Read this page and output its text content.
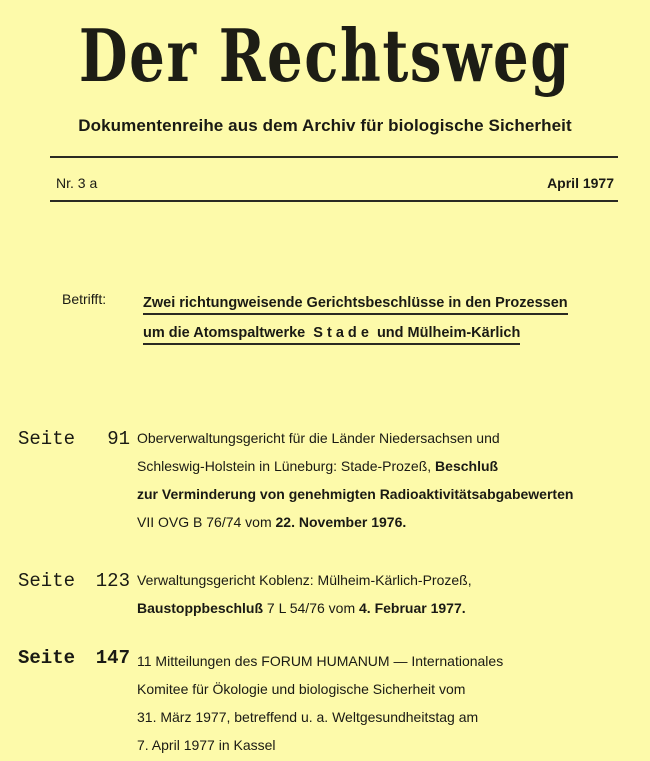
Der Rechtsweg
Dokumentenreihe aus dem Archiv für biologische Sicherheit
Nr. 3 a	April 1977
Betrifft:	Zwei richtungweisende Gerichtsbeschlüsse in den Prozessen
um die Atomspaltwerke  S t a d e  und Mülheim-Kärlich
Seite 91 Oberverwaltungsgericht für die Länder Niedersachsen und
Schleswig-Holstein in Lüneburg: Stade-Prozeß, Beschluß
zur Verminderung von genehmigten Radioaktivitätsabgabewerten
VII OVG B 76/74 vom 22. November 1976.
Seite 123 Verwaltungsgericht Koblenz: Mülheim-Kärlich-Prozeß,
Baustoppbeschluß 7 L 54/76 vom 4. Februar 1977.
Seite 147 11 Mitteilungen des FORUM HUMANUM — Internationales
Komitee für Ökologie und biologische Sicherheit vom
31. März 1977, betreffend u. a. Weltgesundheitstag am
7. April 1977 in Kassel
